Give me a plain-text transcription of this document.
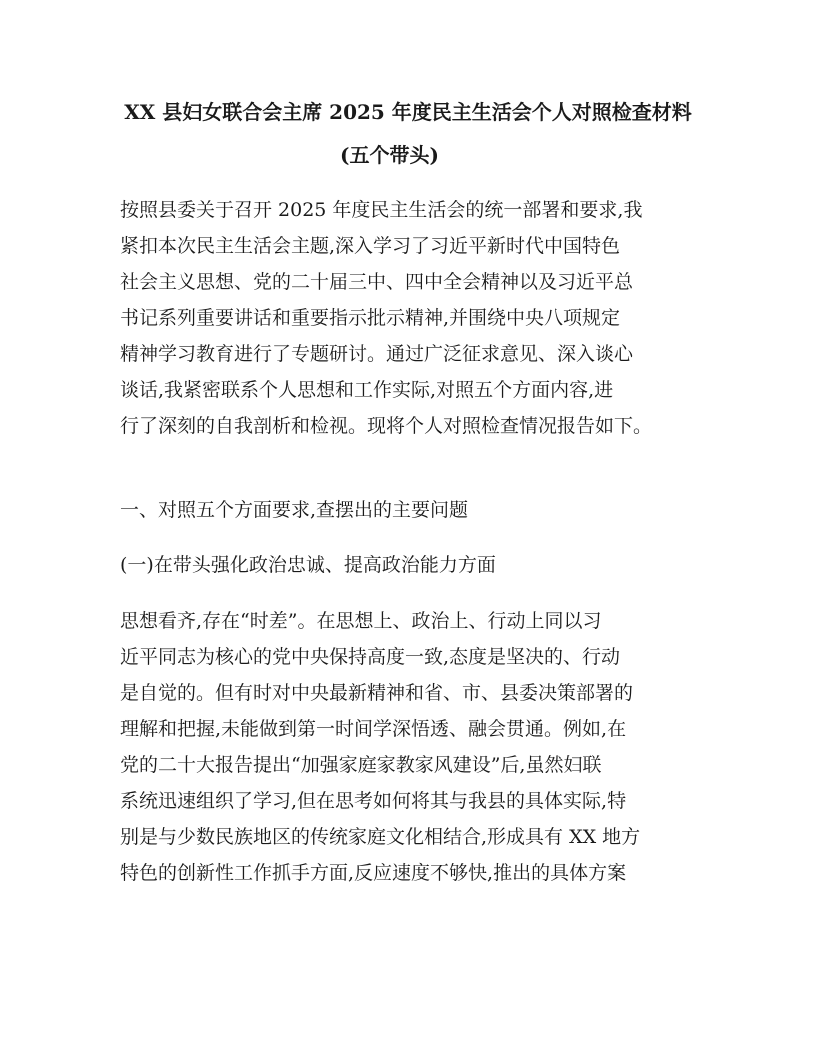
XX 县妇女联合会主席 2025 年度民主生活会个人对照检查材料
(五个带头)
按照县委关于召开 2025 年度民主生活会的统一部署和要求,我
紧扣本次民主生活会主题,深入学习了习近平新时代中国特色
社会主义思想、党的二十届三中、四中全会精神以及习近平总
书记系列重要讲话和重要指示批示精神,并围绕中央八项规定
精神学习教育进行了专题研讨。通过广泛征求意见、深入谈心
谈话,我紧密联系个人思想和工作实际,对照五个方面内容,进
行了深刻的自我剖析和检视。现将个人对照检查情况报告如下。
一、对照五个方面要求,查摆出的主要问题
(一)在带头强化政治忠诚、提高政治能力方面
思想看齐,存在“时差”。在思想上、政治上、行动上同以习
近平同志为核心的党中央保持高度一致,态度是坚决的、行动
是自觉的。但有时对中央最新精神和省、市、县委决策部署的
理解和把握,未能做到第一时间学深悟透、融会贯通。例如,在
党的二十大报告提出“加强家庭家教家风建设”后,虽然妇联
系统迅速组织了学习,但在思考如何将其与我县的具体实际,特
别是与少数民族地区的传统家庭文化相结合,形成具有 XX 地方
特色的创新性工作抓手方面,反应速度不够快,推出的具体方案
